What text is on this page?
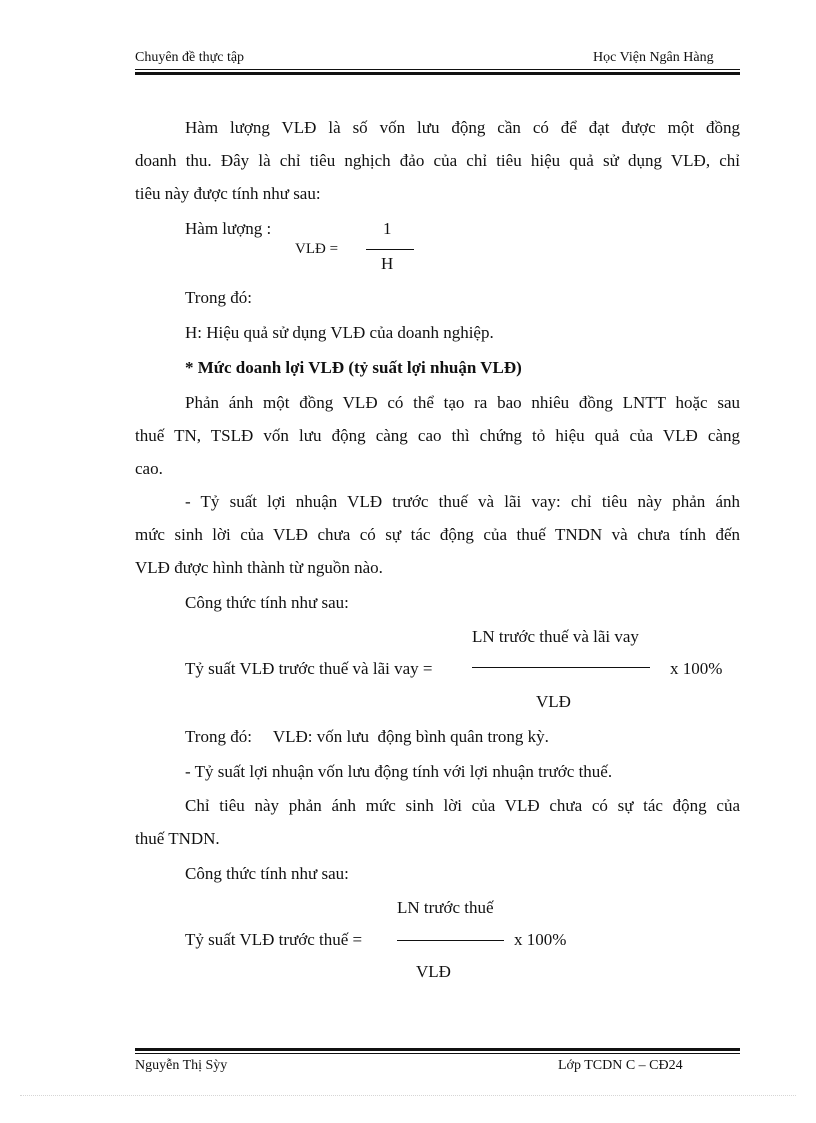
Chuyên đề thực tập	Học Viện Ngân Hàng
Hàm lượng VLĐ là số vốn lưu động cần có để đạt được một đồng
doanh thu. Đây là chỉ tiêu nghịch đảo của chỉ tiêu hiệu quả sử dụng VLĐ, chỉ
tiêu này được tính như sau:
Hàm lượng :
VLĐ =
1
H
Trong đó:
H: Hiệu quả sử dụng VLĐ của doanh nghiệp.
* Mức doanh lợi VLĐ (tỷ suất lợi nhuận VLĐ)
Phản ánh một đồng VLĐ có thể tạo ra bao nhiêu đồng LNTT hoặc sau
thuế TN, TSLĐ vốn lưu động càng cao thì chứng tỏ hiệu quả của VLĐ càng
cao.
- Tỷ suất lợi nhuận VLĐ trước thuế và lãi vay: chỉ tiêu này phản ánh
mức sinh lời của VLĐ chưa có sự tác động của thuế TNDN và chưa tính đến
VLĐ được hình thành từ nguồn nào.
Công thức tính như sau:
LN trước thuế và lãi vay
Tỷ suất VLĐ trước thuế và lãi vay =	x 100%
VLĐ
Trong đó:     VLĐ: vốn lưu  động bình quân trong kỳ.
- Tỷ suất lợi nhuận vốn lưu động tính với lợi nhuận trước thuế.
Chỉ tiêu này phản ánh mức sinh lời của VLĐ chưa có sự tác động của
thuế TNDN.
Công thức tính như sau:
LN trước thuế
Tỷ suất VLĐ trước thuế =	x 100%
VLĐ
Nguyễn Thị Sỳy	Lớp TCDN C – CĐ24
